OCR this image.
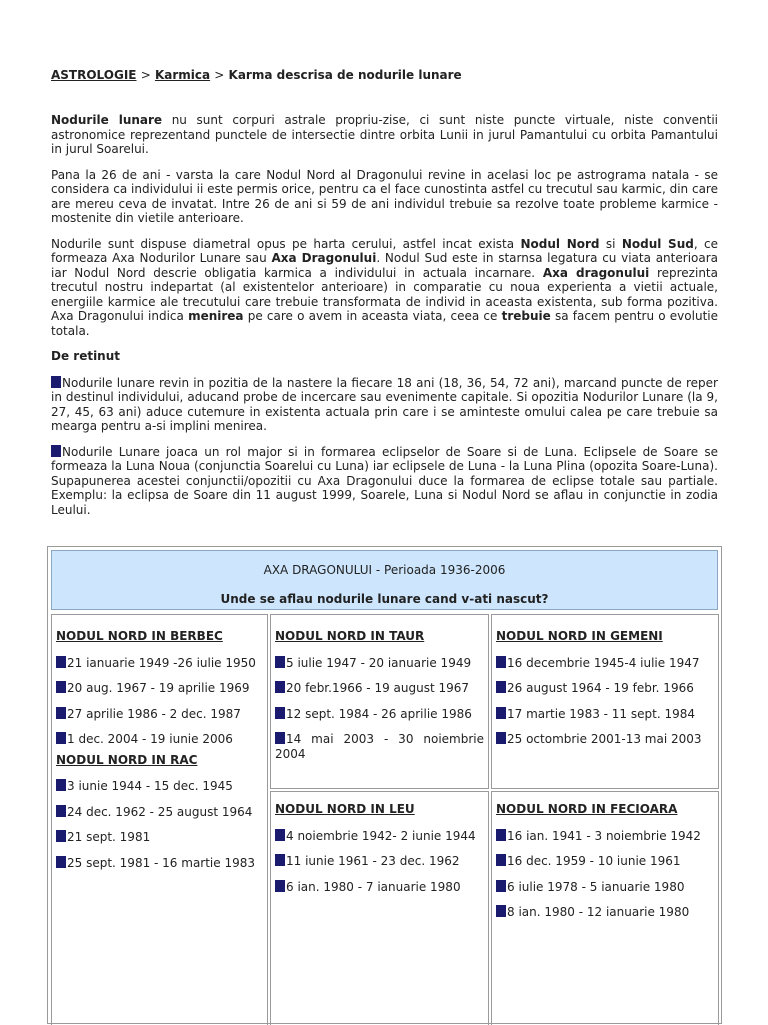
ASTROLOGIE > Karmica > Karma descrisa de nodurile lunare

Nodurile lunare nu sunt corpuri astrale propriu-zise, ci sunt niste puncte virtuale, niste conventii astronomice reprezentand punctele de intersectie dintre orbita Lunii in jurul Pamantului cu orbita Pamantului in jurul Soarelui.

Pana la 26 de ani - varsta la care Nodul Nord al Dragonului revine in acelasi loc pe astrograma natala - se considera ca individului ii este permis orice, pentru ca el face cunostinta astfel cu trecutul sau karmic, din care are mereu ceva de invatat. Intre 26 de ani si 59 de ani individul trebuie sa rezolve toate probleme karmice - mostenite din vietile anterioare.

Nodurile sunt dispuse diametral opus pe harta cerului, astfel incat exista Nodul Nord si Nodul Sud, ce formeaza Axa Nodurilor Lunare sau Axa Dragonului. Nodul Sud este in starnsa legatura cu viata anterioara iar Nodul Nord descrie obligatia karmica a individului in actuala incarnare. Axa dragonului reprezinta trecutul nostru indepartat (al existentelor anterioare) in comparatie cu noua experienta a vietii actuale, energiile karmice ale trecutului care trebuie transformata de individ in aceasta existenta, sub forma pozitiva. Axa Dragonului indica menirea pe care o avem in aceasta viata, ceea ce trebuie sa facem pentru o evolutie totala.

De retinut

Nodurile lunare revin in pozitia de la nastere la fiecare 18 ani (18, 36, 54, 72 ani), marcand puncte de reper in destinul individului, aducand probe de incercare sau evenimente capitale. Si opozitia Nodurilor Lunare (la 9, 27, 45, 63 ani) aduce cutemure in existenta actuala prin care i se aminteste omului calea pe care trebuie sa mearga pentru a-si implini menirea.

Nodurile Lunare joaca un rol major si in formarea eclipselor de Soare si de Luna. Eclipsele de Soare se formeaza la Luna Noua (conjunctia Soarelui cu Luna) iar eclipsele de Luna - la Luna Plina (opozita Soare-Luna). Supapunerea acestei conjunctii/opozitii cu Axa Dragonului duce la formarea de eclipse totale sau partiale. Exemplu: la eclipsa de Soare din 11 august 1999, Soarele, Luna si Nodul Nord se aflau in conjunctie in zodia Leului.

AXA DRAGONULUI - Perioada 1936-2006
Unde se aflau nodurile lunare cand v-ati nascut?
NODUL NORD IN BERBEC
21 ianuarie 1949 -26 iulie 1950
20 aug. 1967 - 19 aprilie 1969
27 aprilie 1986 - 2 dec. 1987
1 dec. 2004 - 19 iunie 2006
NODUL NORD IN RAC
3 iunie 1944 - 15 dec. 1945
24 dec. 1962 - 25 august 1964
21 sept. 1981
25 sept. 1981 - 16 martie 1983
NODUL NORD IN TAUR
5 iulie 1947 - 20 ianuarie 1949
20 febr.1966 - 19 august 1967
12 sept. 1984 - 26 aprilie 1986
14 mai 2003 - 30 noiembrie 2004
NODUL NORD IN GEMENI
16 decembrie 1945-4 iulie 1947
26 august 1964 - 19 febr. 1966
17 martie 1983 - 11 sept. 1984
25 octombrie 2001-13 mai 2003
NODUL NORD IN LEU
4 noiembrie 1942- 2 iunie 1944
11 iunie 1961 - 23 dec. 1962
6 ian. 1980 - 7 ianuarie 1980
NODUL NORD IN FECIOARA
16 ian. 1941 - 3 noiembrie 1942
16 dec. 1959 - 10 iunie 1961
6 iulie 1978 - 5 ianuarie 1980
8 ian. 1980 - 12 ianuarie 1980
